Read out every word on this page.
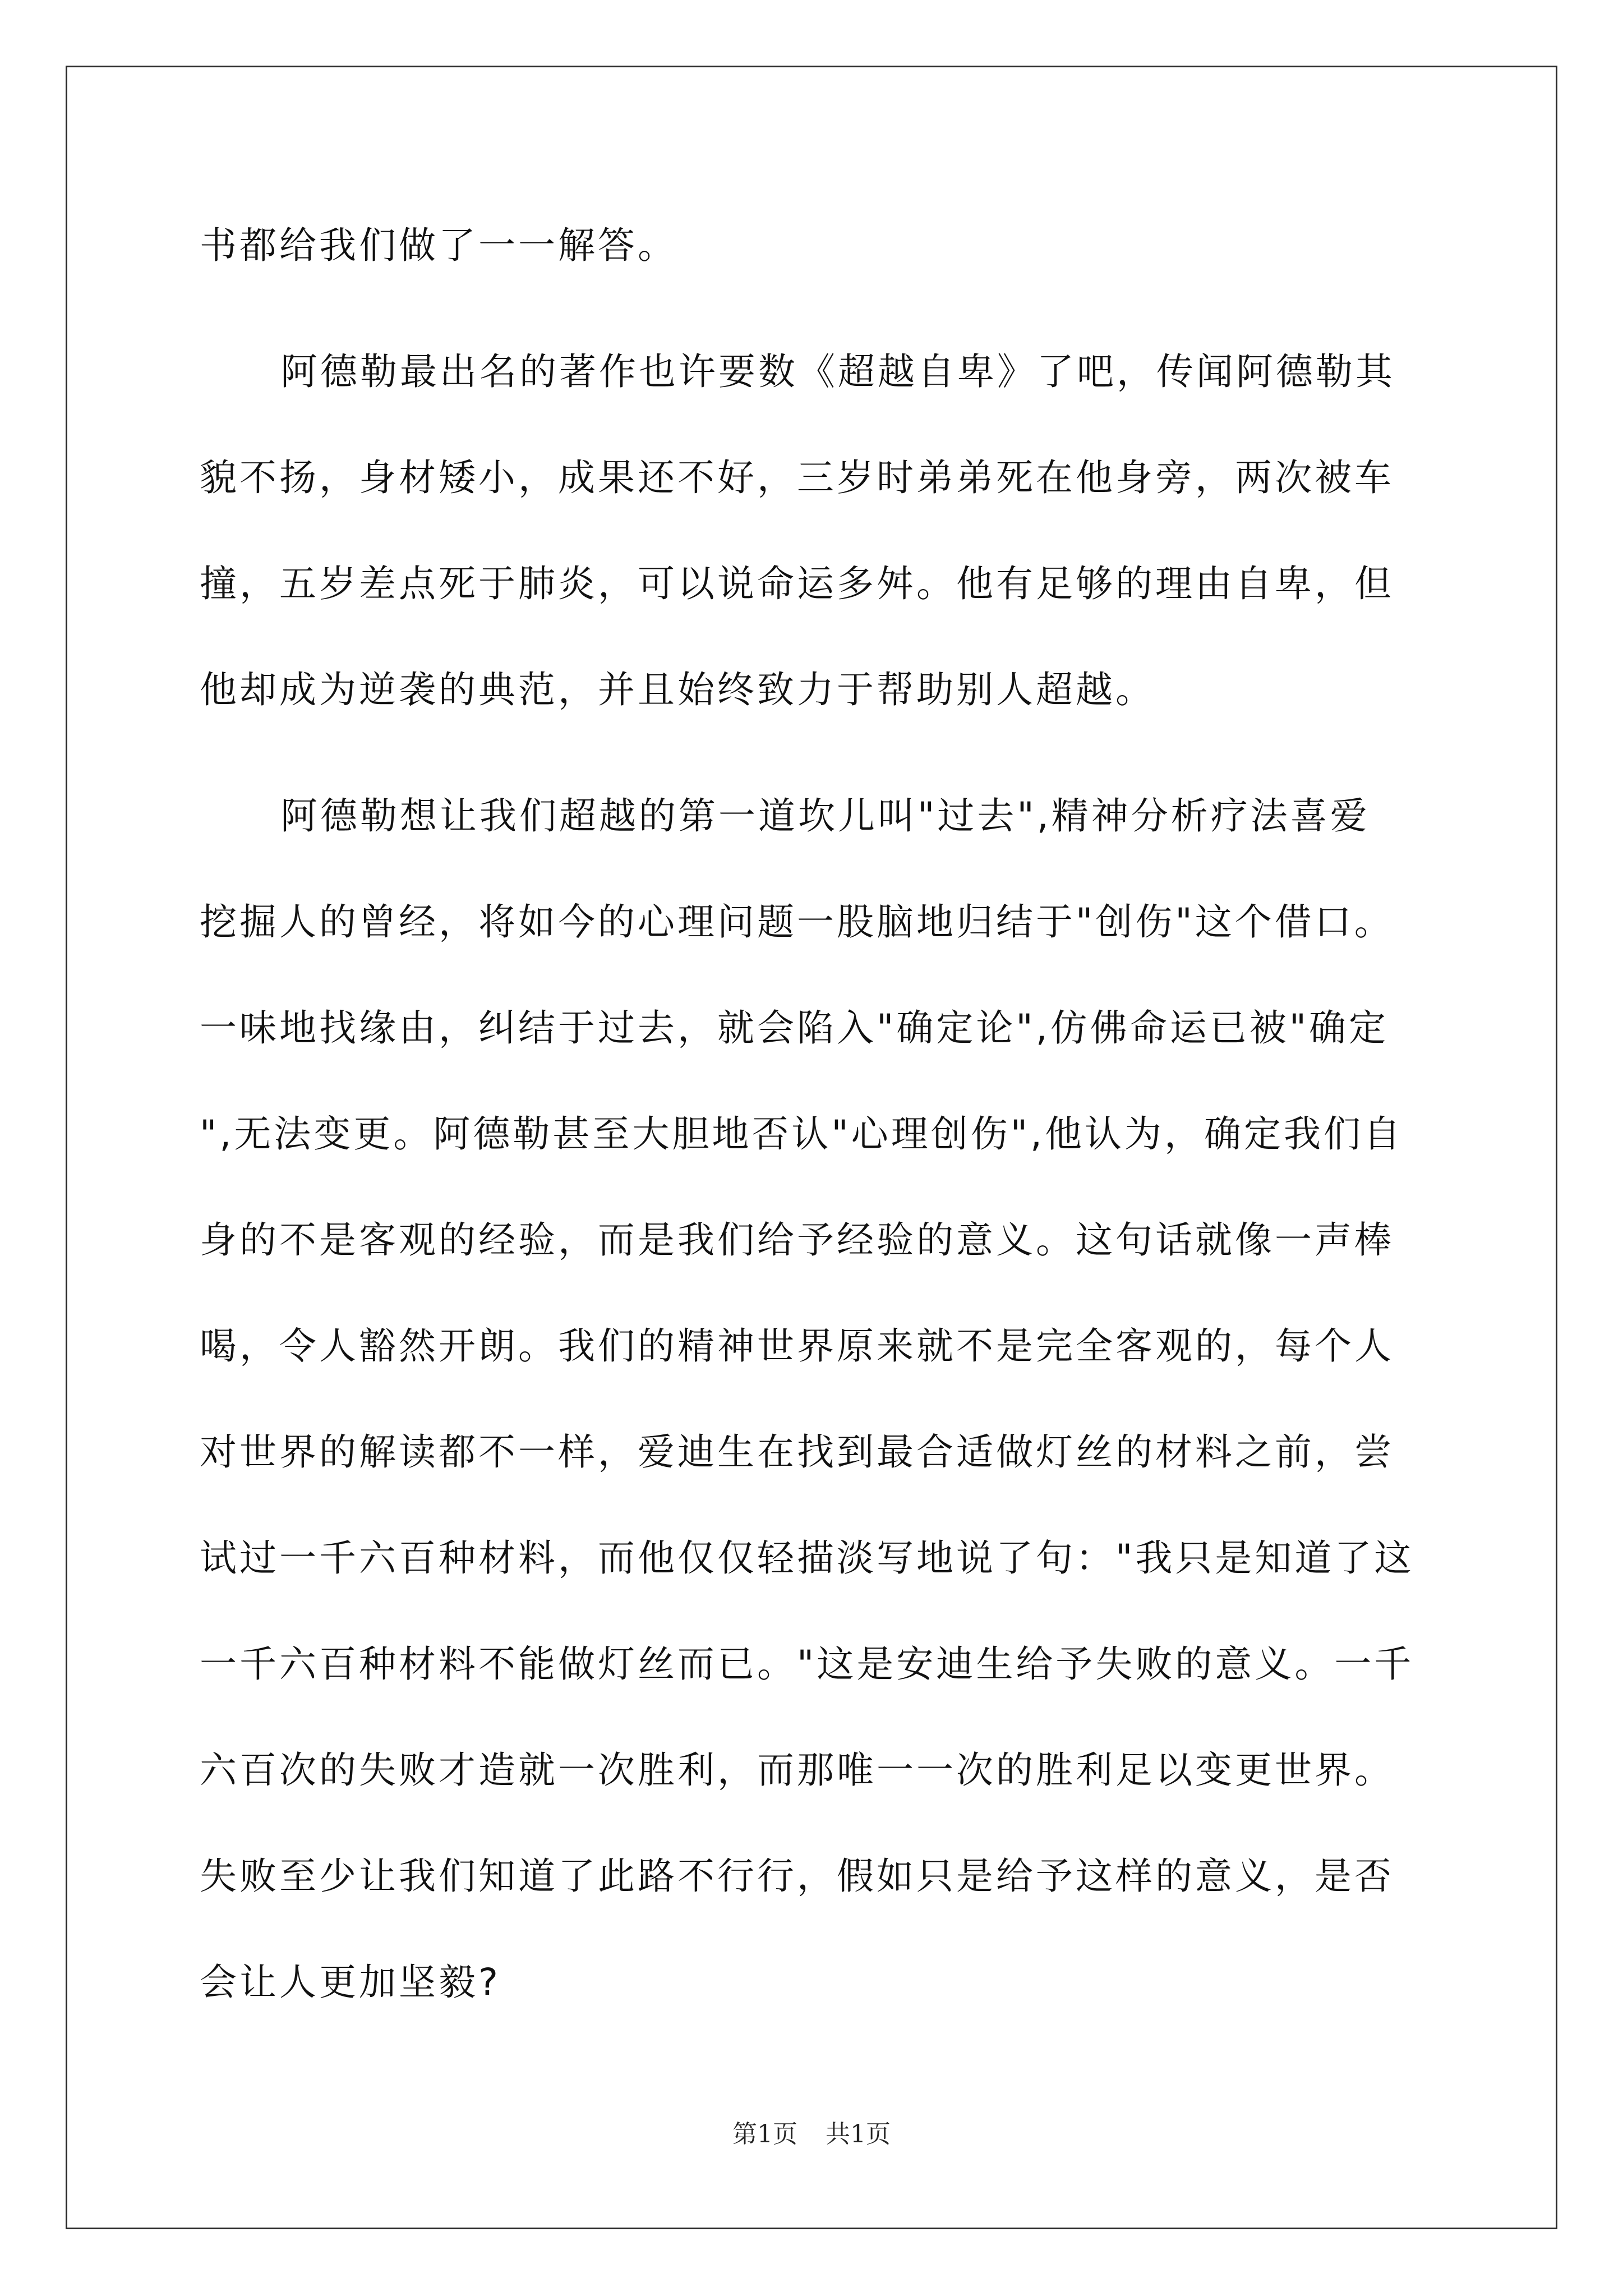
书都给我们做了一一解答。
阿德勒最出名的著作也许要数《超越自卑》了吧，传闻阿德勒其
貌不扬，身材矮小，成果还不好，三岁时弟弟死在他身旁，两次被车
撞，五岁差点死于肺炎，可以说命运多舛。他有足够的理由自卑，但
他却成为逆袭的典范，并且始终致力于帮助别人超越。
阿德勒想让我们超越的第一道坎儿叫"过去",精神分析疗法喜爱
挖掘人的曾经，将如今的心理问题一股脑地归结于"创伤"这个借口。
一味地找缘由，纠结于过去，就会陷入"确定论",仿佛命运已被"确定
",无法变更。阿德勒甚至大胆地否认"心理创伤",他认为，确定我们自
身的不是客观的经验，而是我们给予经验的意义。这句话就像一声棒
喝，令人豁然开朗。我们的精神世界原来就不是完全客观的，每个人
对世界的解读都不一样，爱迪生在找到最合适做灯丝的材料之前，尝
试过一千六百种材料，而他仅仅轻描淡写地说了句："我只是知道了这
一千六百种材料不能做灯丝而已。"这是安迪生给予失败的意义。一千
六百次的失败才造就一次胜利，而那唯一一次的胜利足以变更世界。
失败至少让我们知道了此路不行行，假如只是给予这样的意义，是否
会让人更加坚毅?
第1页 共1页
